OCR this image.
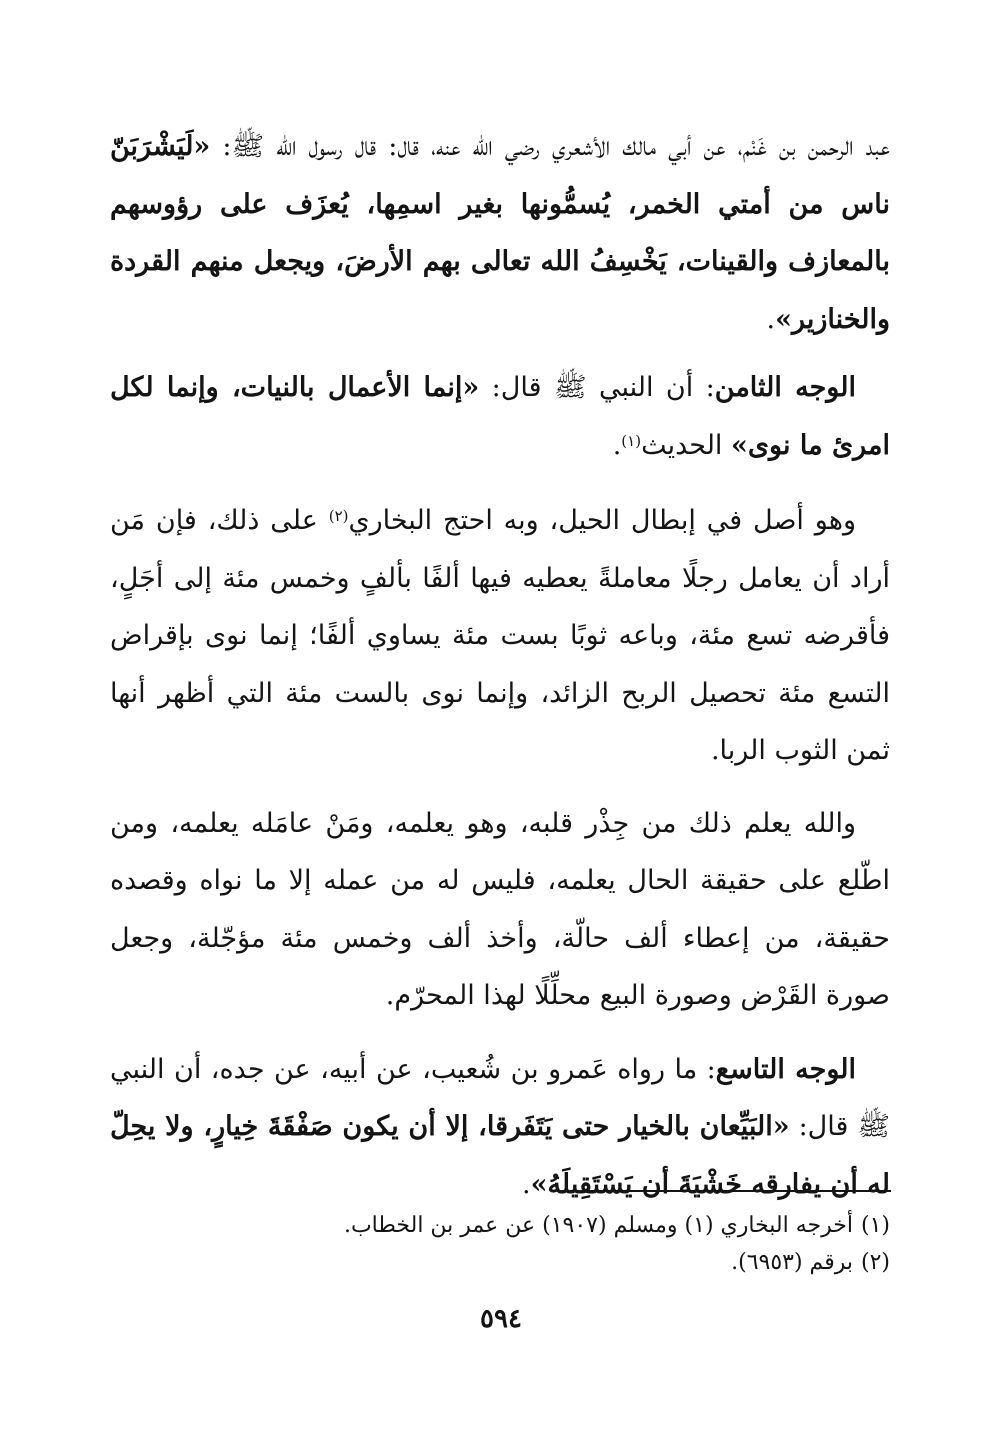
عبد الرحمن بن غَنْم، عن أبي مالك الأشعري رضي الله عنه، قال: قال رسول الله ﷺ: «لَيَشْرَبَنّ ناس من أمتي الخمر، يُسمُّونها بغير اسمِها، يُعزَف على رؤوسهم بالمعازف والقينات، يَخْسِفُ الله تعالى بهم الأرضَ، ويجعل منهم القردة والخنازير».

الوجه الثامن: أن النبي ﷺ قال: «إنما الأعمال بالنيات، وإنما لكل امرئ ما نوى» الحديث$^{(١)}$.

وهو أصل في إبطال الحيل، وبه احتج البخاري$^{(٢)}$ على ذلك، فإن مَن أراد أن يعامل رجلًا معاملةً يعطيه فيها ألفًا بألفٍ وخمس مئة إلى أجَلٍ، فأقرضه تسع مئة، وباعه ثوبًا بست مئة يساوي ألفًا؛ إنما نوى بإقراض التسع مئة تحصيل الربح الزائد، وإنما نوى بالست مئة التي أظهر أنها ثمن الثوب الربا.

والله يعلم ذلك من جِذْر قلبه، وهو يعلمه، ومَنْ عامَله يعلمه، ومن اطّلع على حقيقة الحال يعلمه، فليس له من عمله إلا ما نواه وقصده حقيقة، من إعطاء ألف حالّة، وأخذ ألف وخمس مئة مؤجّلة، وجعل صورة القَرْض وصورة البيع محلِّلًا لهذا المحرّم.

الوجه التاسع: ما رواه عَمرو بن شُعيب، عن أبيه، عن جده، أن النبي ﷺ قال: «البَيِّعان بالخيار حتى يَتَفَرقا، إلا أن يكون صَفْقَةَ خِيارٍ، ولا يحِلّ له أن يفارقه خَشْيَةَ أن يَسْتَقِيلَهُ».

(١)أخرجه البخاري (١) ومسلم (١٩٠٧) عن عمر بن الخطاب.

(٢)برقم (٦٩٥٣).

٥٩٤
